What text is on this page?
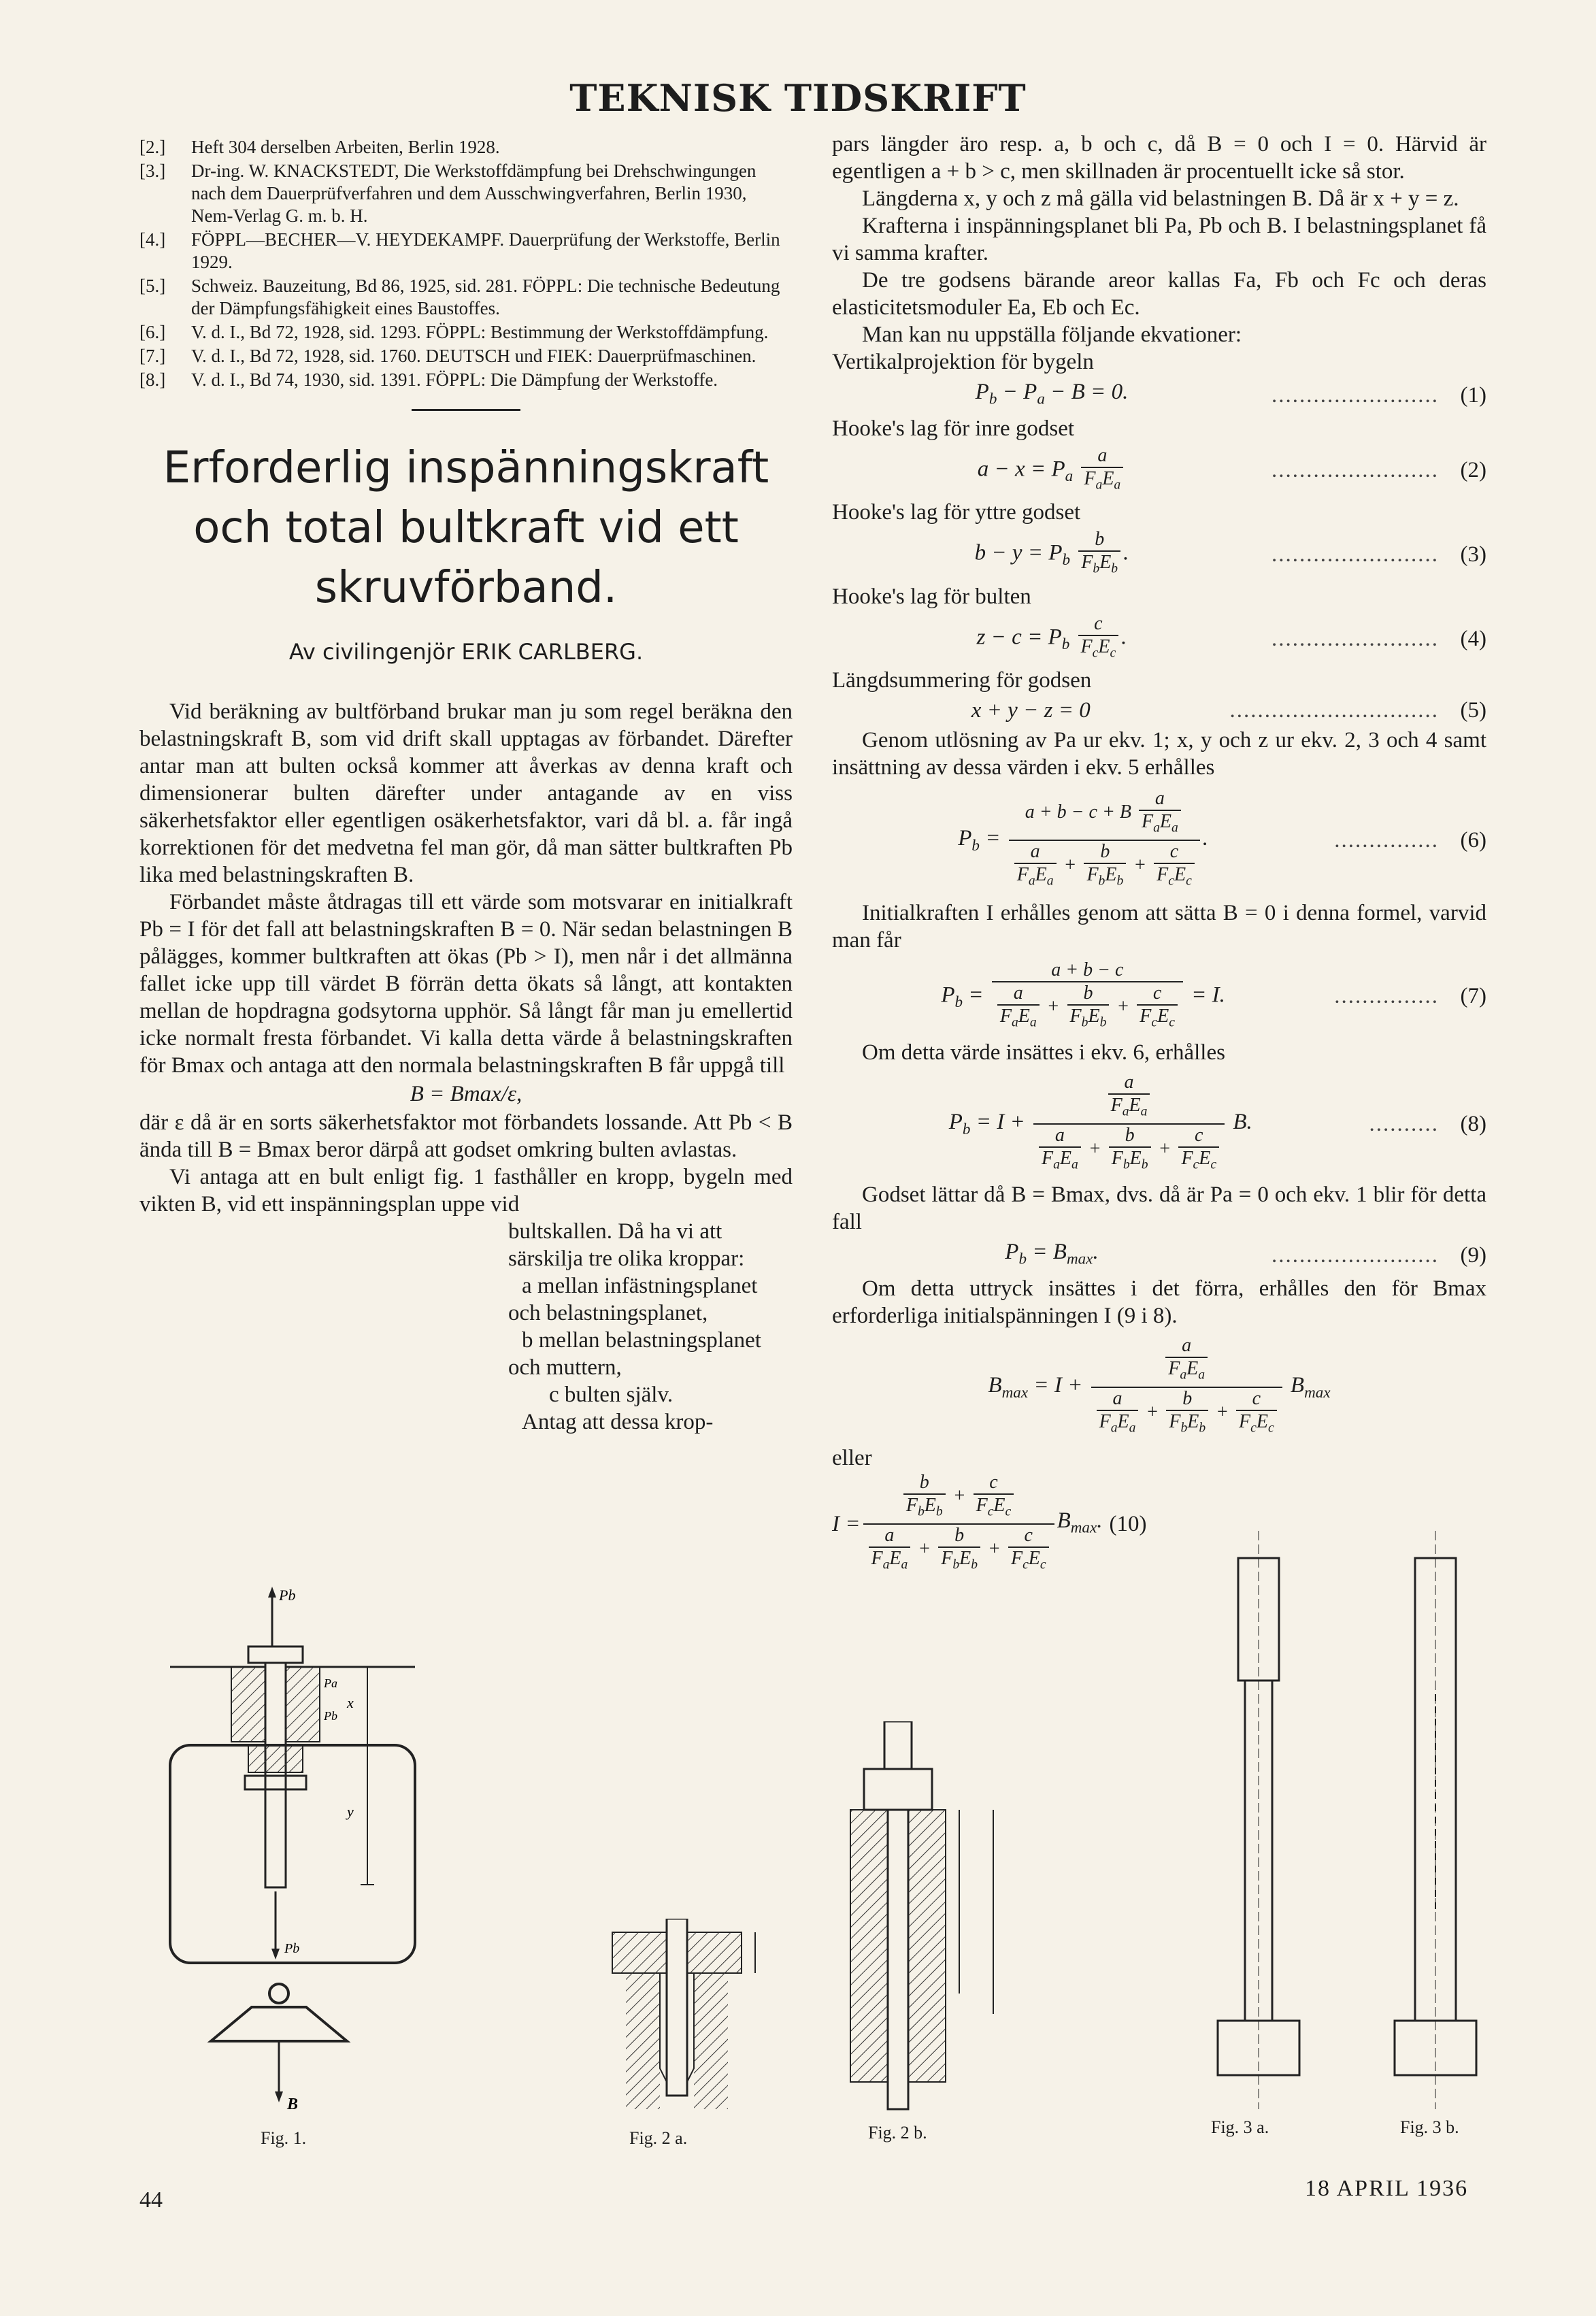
TEKNISK TIDSKRIFT
[2.] Heft 304 derselben Arbeiten, Berlin 1928.
[3.] Dr-ing. W. KNACKSTEDT, Die Werkstoffdämpfung bei Drehschwingungen nach dem Dauerprüfverfahren und dem Ausschwingverfahren, Berlin 1930, Nem-Verlag G. m. b. H.
[4.] FÖPPL—BECHER—V. HEYDEKAMPF. Dauerprüfung der Werkstoffe, Berlin 1929.
[5.] Schweiz. Bauzeitung, Bd 86, 1925, sid. 281. FÖPPL: Die technische Bedeutung der Dämpfungsfähigkeit eines Baustoffes.
[6.] V. d. I., Bd 72, 1928, sid. 1293. FÖPPL: Bestimmung der Werkstoffdämpfung.
[7.] V. d. I., Bd 72, 1928, sid. 1760. DEUTSCH und FIEK: Dauerprüfmaschinen.
[8.] V. d. I., Bd 74, 1930, sid. 1391. FÖPPL: Die Dämpfung der Werkstoffe.
Erforderlig inspänningskraft och total bultkraft vid ett skruvförband.
Av civilingenjör ERIK CARLBERG.

Vid beräkning av bultförband brukar man ju som regel beräkna den belastningskraft B, som vid drift skall upptagas av förbandet. Därefter antar man att bulten också kommer att åverkas av denna kraft och dimensionerar bulten därefter under antagande av en viss säkerhetsfaktor eller egentligen osäkerhetsfaktor, vari då bl. a. får ingå korrektionen för det medvetna fel man gör, då man sätter bultkraften Pb lika med belastningskraften B.

Förbandet måste åtdragas till ett värde som motsvarar en initialkraft Pb = I för det fall att belastningskraften B = 0. När sedan belastningen B pålägges, kommer bultkraften att ökas (Pb > I), men når i det allmänna fallet icke upp till värdet B förrän detta ökats så långt, att kontakten mellan de hopdragna godsytorna upphör. Så långt får man ju emellertid icke normalt fresta förbandet. Vi kalla detta värde å belastningskraften för Bmax och antaga att den normala belastningskraften B får uppgå till

B = Bmax/ε,

där ε då är en sorts säkerhetsfaktor mot förbandets lossande. Att Pb < B ända till B = Bmax beror därpå att godset omkring bulten avlastas.

Vi antaga att en bult enligt fig. 1 fasthåller en kropp, bygeln med vikten B, vid ett inspänningsplan uppe vid

bultskallen. Då ha vi att särskilja tre olika kroppar:
a mellan infästningsplanet och belastningsplanet,
b mellan belastningsplanet och muttern,
c bulten själv.
Antag att dessa krop-
Pb
Pa
Pb
x
y
Pb
B
Fig. 1.

pars längder äro resp. a, b och c, då B = 0 och I = 0. Härvid är egentligen a + b > c, men skillnaden är procentuellt icke så stor.

Längderna x, y och z må gälla vid belastningen B. Då är x + y = z.

Krafterna i inspänningsplanet bli Pa, Pb och B. I belastningsplanet få vi samma krafter.

De tre godsens bärande areor kallas Fa, Fb och Fc och deras elasticitetsmoduler Ea, Eb och Ec.

Man kan nu uppställa följande ekvationer:

Vertikalprojektion för bygeln
$P_b - P_a - B = 0$.	........................ (1)
Hooke's lag för inre godset
$a - x = P_a \frac{a}{F_aE_a}$	........................ (2)
Hooke's lag för yttre godset
$b - y = P_b \frac{b}{F_bE_b}$ .	........................ (3)
Hooke's lag för bulten
$z - c = P_b \frac{c}{F_cE_c}$ .	........................ (4)
Längdsummering för godsen
x + y − z = 0	.............................. (5)

Genom utlösning av Pa ur ekv. 1; x, y och z ur ekv. 2, 3 och 4 samt insättning av dessa värden i ekv. 5 erhålles

$P_b = \frac{a + b - c + B \frac{a}{F_aE_a}}{\frac{a}{F_aE_a} + \frac{b}{F_bE_b} + \frac{c}{F_cE_c}}$ .	............... (6)

Initialkraften I erhålles genom att sätta B = 0 i denna formel, varvid man får

$P_b = \frac{a + b - c}{\frac{a}{F_aE_a} + \frac{b}{F_bE_b} + \frac{c}{F_cE_c}} = I$.	............... (7)

Om detta värde insättes i ekv. 6, erhålles

$P_b = I + \frac{\frac{a}{F_aE_a}}{\frac{a}{F_aE_a} + \frac{b}{F_bE_b} + \frac{c}{F_cE_c}} B$.	.......... (8)

Godset lättar då B = Bmax, dvs. då är Pa = 0 och ekv. 1 blir för detta fall

$P_b = B_{max}$.	........................ (9)

Om detta uttryck insättes i det förra, erhålles den för Bmax erforderliga initialspänningen I (9 i 8).

$B_{max} = I + \frac{\frac{a}{F_aE_a}}{\frac{a}{F_aE_a} + \frac{b}{F_bE_b} + \frac{c}{F_cE_c}} B_{max}$
eller
$I = \frac{\frac{b}{F_bE_b} + \frac{c}{F_cE_c}}{\frac{a}{F_aE_a} + \frac{b}{F_bE_b} + \frac{c}{F_cE_c}} B_{max}$. (10)
Fig. 2 a.	Fig. 2 b.	Fig. 3 a.	Fig. 3 b.
44	18 APRIL 1936
